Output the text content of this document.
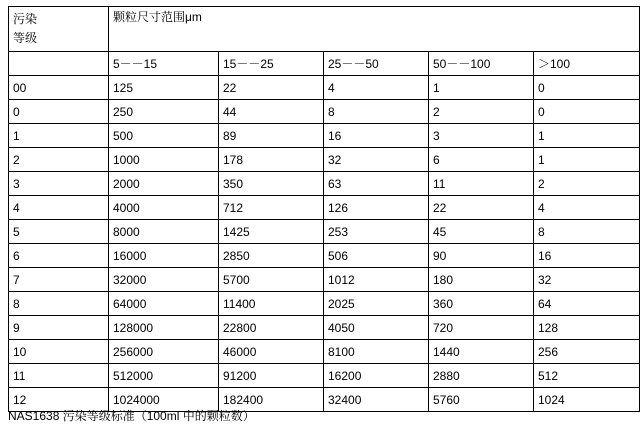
污染
等级	颗粒尺寸范围μm				
	5－－15	15－－25	25－－50	50－－100	＞100
00	125	22	4	1	0
0	250	44	8	2	0
1	500	89	16	3	1
2	1000	178	32	6	1
3	2000	350	63	11	2
4	4000	712	126	22	4
5	8000	1425	253	45	8
6	16000	2850	506	90	16
7	32000	5700	1012	180	32
8	64000	11400	2025	360	64
9	128000	22800	4050	720	128
10	256000	46000	8100	1440	256
11	512000	91200	16200	2880	512
12	1024000	182400	32400	5760	1024
NAS1638 污染等级标准（100ml 中的颗粒数）
